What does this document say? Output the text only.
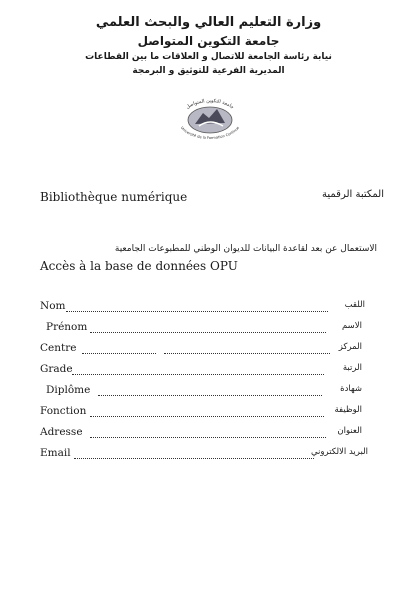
وزارة التعليم العالي والبحث العلمي
جامعة التكوين المتواصل
نيابة رئاسة الجامعة للاتصال و العلاقات ما بين القطاعات
المديرية الفرعية للتوثيق و البرمجة
جامعة التكوين المتواصل
Université de la Formation Continue
Bibliothèque numérique	المكتبة الرقمية
الاستعمال عن بعد لقاعدة البيانات للديوان الوطني للمطبوعات الجامعية
Accès à la base de données OPU
Nom	اللقب
Prénom	الاسم
Centre	المركز
Grade	الرتبة
Diplôme	شهادة
Fonction	الوظيفة
Adresse	العنوان
Email	البريد الالكتروني
